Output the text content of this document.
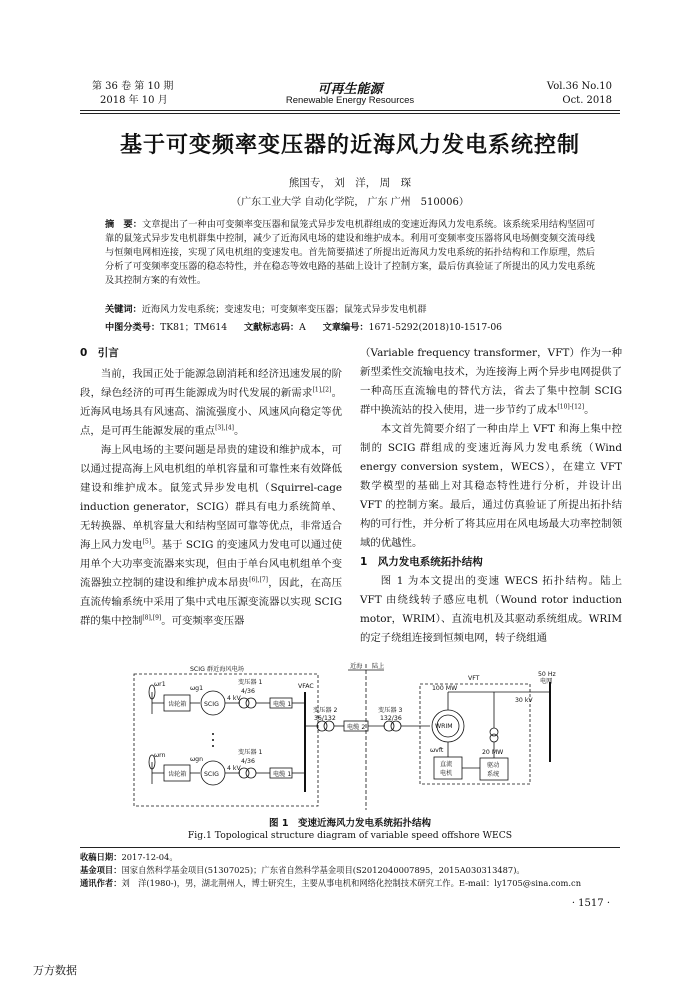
第 36 卷 第 10 期
2018 年 10 月
可再生能源
Renewable Energy Resources
Vol.36 No.10
Oct. 2018
基于可变频率变压器的近海风力发电系统控制
熊国专， 刘　洋， 周　琛
（广东工业大学 自动化学院， 广东 广州　510006）
摘　要：文章提出了一种由可变频率变压器和鼠笼式异步发电机群组成的变速近海风力发电系统。该系统采用结构坚固可靠的鼠笼式异步发电机群集中控制，减少了近海风电场的建设和维护成本。利用可变频率变压器将风电场侧变频交流母线与恒频电网相连接，实现了风电机组的变速发电。首先简要描述了所提出近海风力发电系统的拓扑结构和工作原理，然后分析了可变频率变压器的稳态特性，并在稳态等效电路的基础上设计了控制方案，最后仿真验证了所提出的风力发电系统及其控制方案的有效性。
关键词：近海风力发电系统；变速发电；可变频率变压器；鼠笼式异步发电机群
中图分类号：TK81；TM614 文献标志码：A 文章编号：1671-5292(2018)10-1517-06
0　引言

当前，我国正处于能源急剧消耗和经济迅速发展的阶段，绿色经济的可再生能源成为时代发展的新需求[1],[2]。近海风电场具有风速高、湍流强度小、风速风向稳定等优点，是可再生能源发展的重点[3],[4]。

海上风电场的主要问题是昂贵的建设和维护成本，可以通过提高海上风电机组的单机容量和可靠性来有效降低建设和维护成本。鼠笼式异步发电机（Squirrel-cage induction generator，SCIG）群具有电力系统简单、无转换器、单机容量大和结构坚固可靠等优点，非常适合海上风力发电[5]。基于 SCIG 的变速风力发电可以通过使用单个大功率变流器来实现，但由于单台风电机组单个变流器独立控制的建设和维护成本昂贵[6],[7]，因此，在高压直流传输系统中采用了集中式电压源变流器以实现 SCIG 群的集中控制[8],[9]。可变频率变压器

（Variable frequency transformer，VFT）作为一种新型柔性交流输电技术，为连接海上两个异步电网提供了一种高压直流输电的替代方法，省去了集中控制 SCIG 群中换流站的投入使用，进一步节约了成本[10]-[12]。

本文首先简要介绍了一种由岸上 VFT 和海上集中控制的 SCIG 群组成的变速近海风力发电系统（Wind energy conversion system，WECS），在建立 VFT 数学模型的基础上对其稳态特性进行分析，并设计出 VFT 的控制方案。最后，通过仿真验证了所提出拓扑结构的可行性，并分析了将其应用在风电场最大功率控制领域的优越性。

1　风力发电系统拓扑结构

图 1 为本文提出的变速 WECS 拓扑结构。陆上 VFT 由绕线转子感应电机（Wound rotor induction motor，WRIM）、直流电机及其驱动系统组成。WRIM 的定子绕组连接到恒频电网，转子绕组通

SCIG 群近海风电场	近海 陆上
齿轮箱
齿轮箱
SCIG
SCIG
ωr1
ωg1
ωrn
ωgn
4 kV
4 kV
变压器 1
4/36
变压器 1
4/36
电缆 1
电缆 1
VFAC
变压器 2
36/132
电缆 2
变压器 3
132/36
VFT
100 MW
WRIM
30 kV
50 Hz
电网
ωvft	20 MW
直流
电机
驱动
系统
图 1　变速近海风力发电系统拓扑结构
Fig.1 Topological structure diagram of variable speed offshore WECS
收稿日期：2017-12-04。
基金项目：国家自然科学基金项目(51307025)；广东省自然科学基金项目(S2012040007895，2015A030313487)。
通讯作者：刘　洋(1980-)，男，湖北荆州人，博士研究生，主要从事电机和网络化控制技术研究工作。E-mail：ly1705@sina.com.cn
· 1517 ·
万方数据
